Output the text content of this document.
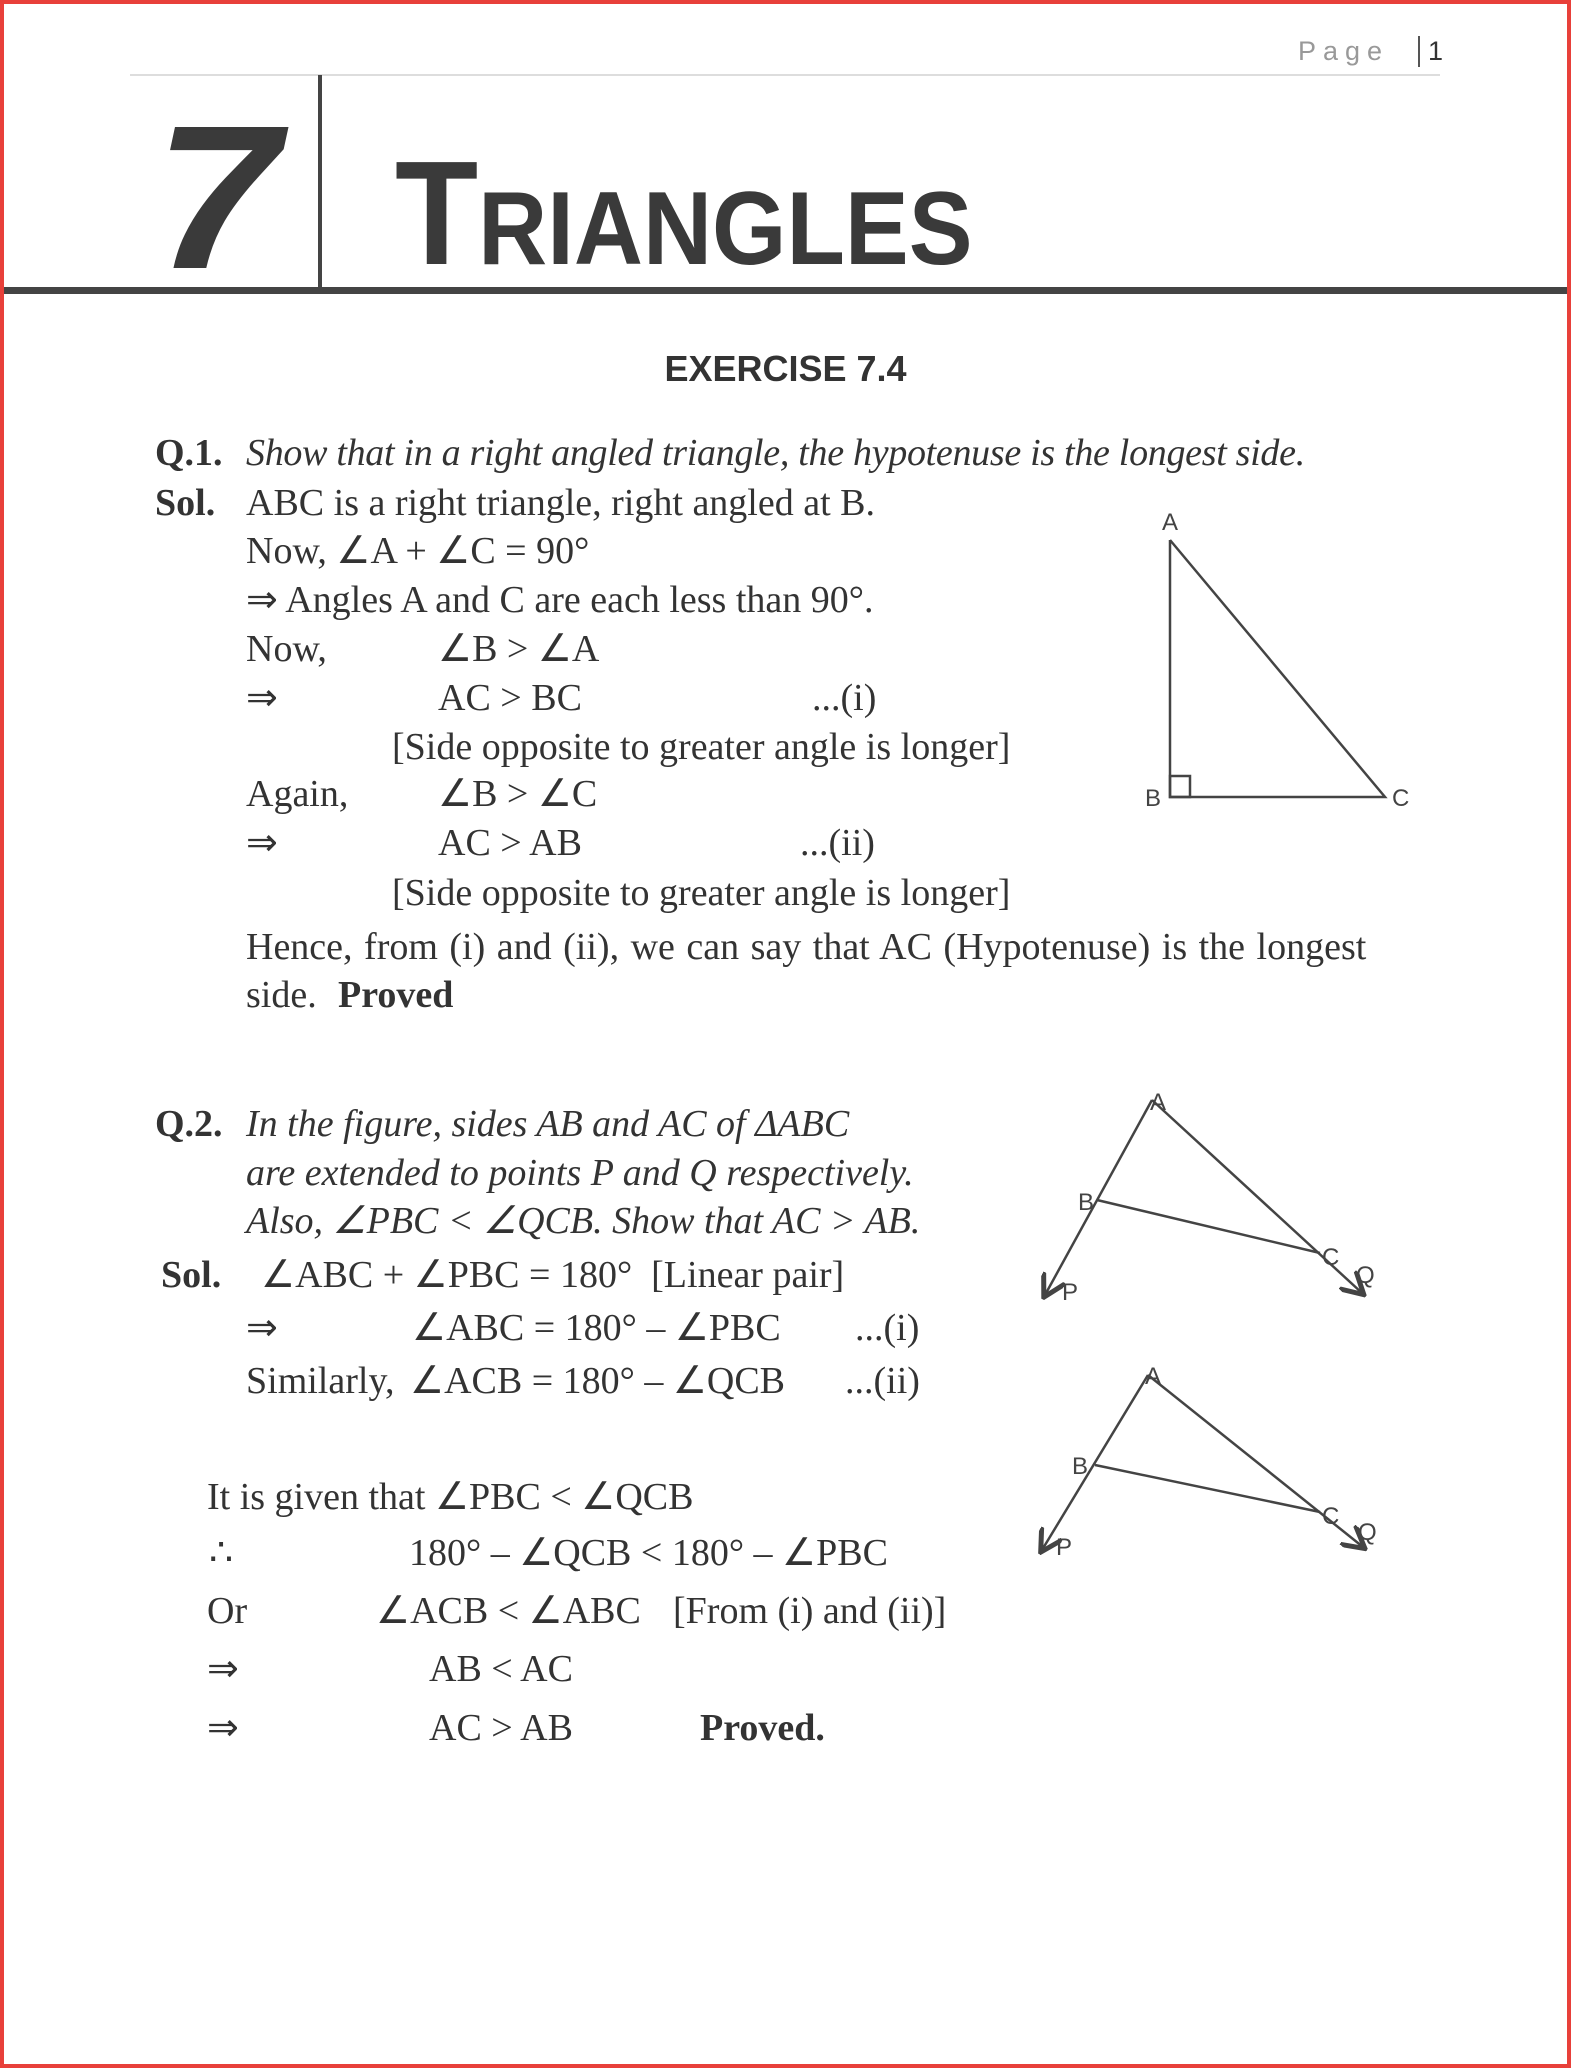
Page	1
7 TRIANGLES
EXERCISE 7.4
Q.1. Show that in a right angled triangle, the hypotenuse is the longest side.
Sol. ABC is a right triangle, right angled at B.
Now, ∠A + ∠C = 90°
⇒ Angles A and C are each less than 90°.
Now,	∠B > ∠A
⇒	AC > BC	...(i)
[Side opposite to greater angle is longer]
Again, ∠B > ∠C
⇒	AC > AB	...(ii)
[Side opposite to greater angle is longer]
Hence, from (i) and (ii), we can say that AC (Hypotenuse) is the longest
side. Proved
Q.2. In the figure, sides AB and AC of ΔABC
are extended to points P and Q respectively.
Also, ∠PBC < ∠QCB. Show that AC > AB.
Sol. ∠ABC + ∠PBC = 180°  [Linear pair]
⇒	∠ABC = 180° – ∠PBC ...(i)
Similarly, ∠ACB = 180° – ∠QCB ...(ii)
It is given that ∠PBC < ∠QCB
∴	180° – ∠QCB < 180° – ∠PBC
Or	∠ACB < ∠ABC [From (i) and (ii)]
⇒	AB < AC
⇒	AC > AB	Proved.
A
B	C
A
B
C
P
Q
A
B
C
P
Q
